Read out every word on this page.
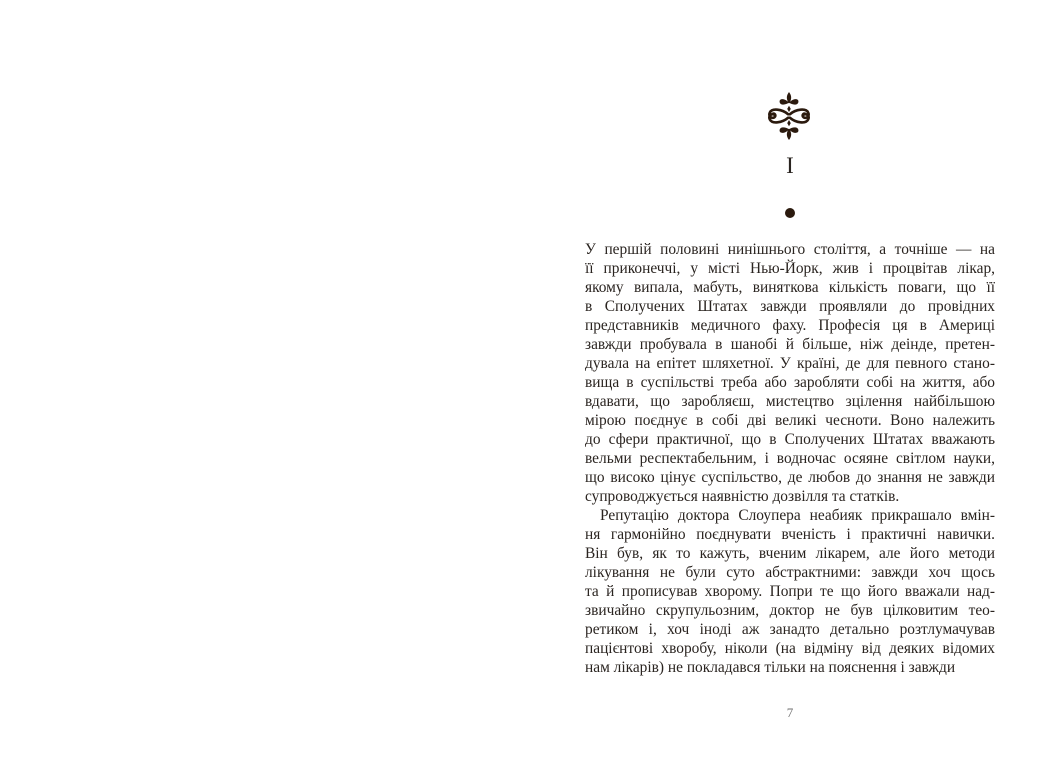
I
У першій половині нинішнього століття, а точніше — на
її приконеччі, у місті Нью-Йорк, жив і процвітав лікар,
якому випала, мабуть, виняткова кількість поваги, що її
в Сполучених Штатах завжди проявляли до провідних
представників медичного фаху. Професія ця в Америці
завжди пробувала в шанобі й більше, ніж деінде, претен-
дувала на епітет шляхетної. У країні, де для певного стано-
вища в суспільстві треба або заробляти собі на життя, або
вдавати, що заробляєш, мистецтво зцілення найбільшою
мірою поєднує в собі дві великі чесноти. Воно належить
до сфери практичної, що в Сполучених Штатах вважають
вельми респектабельним, і водночас осяяне світлом науки,
що високо цінує суспільство, де любов до знання не завжди
супроводжується наявністю дозвілля та статків.
Репутацію доктора Слоупера неабияк прикрашало вмін-
ня гармонійно поєднувати вченість і практичні навички.
Він був, як то кажуть, вченим лікарем, але його методи
лікування не були суто абстрактними: завжди хоч щось
та й прописував хворому. Попри те що його вважали над-
звичайно скрупульозним, доктор не був цілковитим тео-
ретиком і, хоч іноді аж занадто детально розтлумачував
пацієнтові хворобу, ніколи (на відміну від деяких відомих
нам лікарів) не покладався тільки на пояснення і завжди
7
